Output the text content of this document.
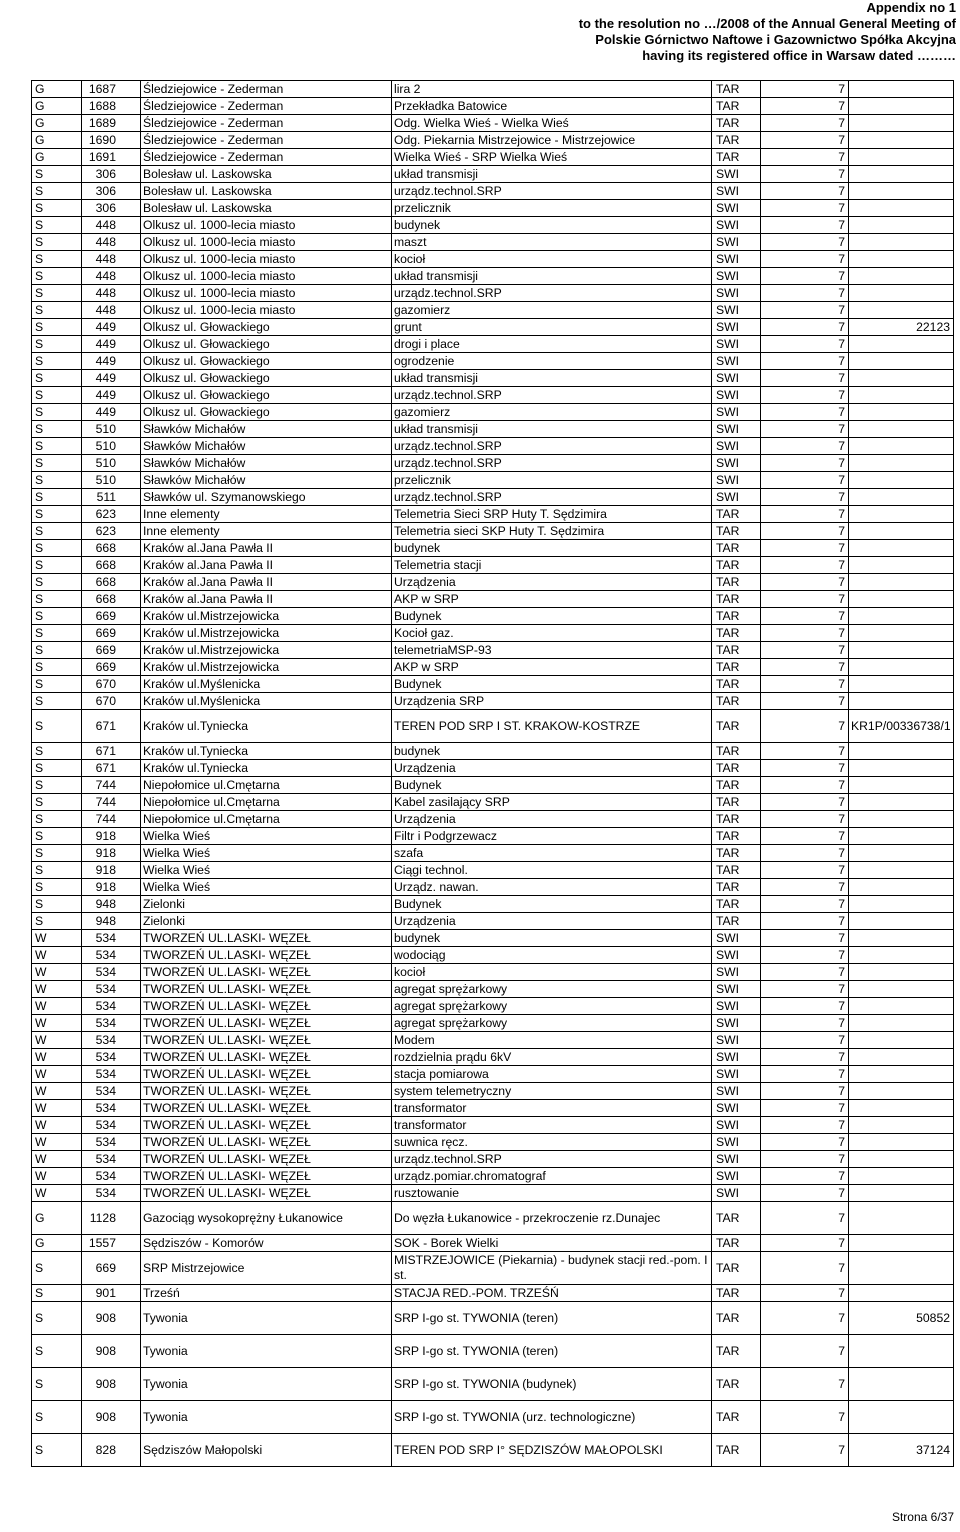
Appendix no 1
to the resolution no …/2008 of the Annual General Meeting of
Polskie Górnictwo Naftowe i Gazownictwo Spółka Akcyjna
having its registered office in Warsaw dated ………
G	1687	Śledziejowice - Zederman	lira 2	TAR	7	
G	1688	Śledziejowice - Zederman	Przekładka Batowice	TAR	7	
G	1689	Śledziejowice - Zederman	Odg. Wielka Wieś - Wielka Wieś	TAR	7	
G	1690	Śledziejowice - Zederman	Odg. Piekarnia Mistrzejowice - Mistrzejowice	TAR	7	
G	1691	Śledziejowice - Zederman	Wielka Wieś - SRP Wielka Wieś	TAR	7	
S	306	Bolesław ul. Laskowska	układ transmisji	SWI	7	
S	306	Bolesław ul. Laskowska	urządz.technol.SRP	SWI	7	
S	306	Bolesław ul. Laskowska	przelicznik	SWI	7	
S	448	Olkusz ul. 1000-lecia miasto	budynek	SWI	7	
S	448	Olkusz ul. 1000-lecia miasto	maszt	SWI	7	
S	448	Olkusz ul. 1000-lecia miasto	kocioł	SWI	7	
S	448	Olkusz ul. 1000-lecia miasto	układ transmisji	SWI	7	
S	448	Olkusz ul. 1000-lecia miasto	urządz.technol.SRP	SWI	7	
S	448	Olkusz ul. 1000-lecia miasto	gazomierz	SWI	7	
S	449	Olkusz ul. Głowackiego	grunt	SWI	7	22123
S	449	Olkusz ul. Głowackiego	drogi i place	SWI	7	
S	449	Olkusz ul. Głowackiego	ogrodzenie	SWI	7	
S	449	Olkusz ul. Głowackiego	układ transmisji	SWI	7	
S	449	Olkusz ul. Głowackiego	urządz.technol.SRP	SWI	7	
S	449	Olkusz ul. Głowackiego	gazomierz	SWI	7	
S	510	Sławków Michałów	układ transmisji	SWI	7	
S	510	Sławków Michałów	urządz.technol.SRP	SWI	7	
S	510	Sławków Michałów	urządz.technol.SRP	SWI	7	
S	510	Sławków Michałów	przelicznik	SWI	7	
S	511	Sławków ul. Szymanowskiego	urządz.technol.SRP	SWI	7	
S	623	Inne elementy	Telemetria Sieci SRP Huty T. Sędzimira	TAR	7	
S	623	Inne elementy	Telemetria sieci SKP Huty T. Sędzimira	TAR	7	
S	668	Kraków al.Jana Pawła II	budynek	TAR	7	
S	668	Kraków al.Jana Pawła II	Telemetria stacji	TAR	7	
S	668	Kraków al.Jana Pawła II	Urządzenia	TAR	7	
S	668	Kraków al.Jana Pawła II	AKP w SRP	TAR	7	
S	669	Kraków ul.Mistrzejowicka	Budynek	TAR	7	
S	669	Kraków ul.Mistrzejowicka	Kocioł gaz.	TAR	7	
S	669	Kraków ul.Mistrzejowicka	telemetriaMSP-93	TAR	7	
S	669	Kraków ul.Mistrzejowicka	AKP w SRP	TAR	7	
S	670	Kraków ul.Myślenicka	Budynek	TAR	7	
S	670	Kraków ul.Myślenicka	Urządzenia SRP	TAR	7	
S	671	Kraków ul.Tyniecka	TEREN POD SRP I ST. KRAKOW-KOSTRZE	TAR	7	KR1P/00336738/1
S	671	Kraków ul.Tyniecka	budynek	TAR	7	
S	671	Kraków ul.Tyniecka	Urządzenia	TAR	7	
S	744	Niepołomice ul.Cmętarna	Budynek	TAR	7	
S	744	Niepołomice ul.Cmętarna	Kabel zasilający SRP	TAR	7	
S	744	Niepołomice ul.Cmętarna	Urządzenia	TAR	7	
S	918	Wielka Wieś	Filtr i Podgrzewacz	TAR	7	
S	918	Wielka Wieś	szafa	TAR	7	
S	918	Wielka Wieś	Ciągi technol.	TAR	7	
S	918	Wielka Wieś	Urządz. nawan.	TAR	7	
S	948	Zielonki	Budynek	TAR	7	
S	948	Zielonki	Urządzenia	TAR	7	
W	534	TWORZEŃ UL.LASKI- WĘZEŁ	budynek	SWI	7	
W	534	TWORZEŃ UL.LASKI- WĘZEŁ	wodociąg	SWI	7	
W	534	TWORZEŃ UL.LASKI- WĘZEŁ	kocioł	SWI	7	
W	534	TWORZEŃ UL.LASKI- WĘZEŁ	agregat sprężarkowy	SWI	7	
W	534	TWORZEŃ UL.LASKI- WĘZEŁ	agregat sprężarkowy	SWI	7	
W	534	TWORZEŃ UL.LASKI- WĘZEŁ	agregat sprężarkowy	SWI	7	
W	534	TWORZEŃ UL.LASKI- WĘZEŁ	Modem	SWI	7	
W	534	TWORZEŃ UL.LASKI- WĘZEŁ	rozdzielnia prądu 6kV	SWI	7	
W	534	TWORZEŃ UL.LASKI- WĘZEŁ	stacja pomiarowa	SWI	7	
W	534	TWORZEŃ UL.LASKI- WĘZEŁ	system telemetryczny	SWI	7	
W	534	TWORZEŃ UL.LASKI- WĘZEŁ	transformator	SWI	7	
W	534	TWORZEŃ UL.LASKI- WĘZEŁ	transformator	SWI	7	
W	534	TWORZEŃ UL.LASKI- WĘZEŁ	suwnica ręcz.	SWI	7	
W	534	TWORZEŃ UL.LASKI- WĘZEŁ	urządz.technol.SRP	SWI	7	
W	534	TWORZEŃ UL.LASKI- WĘZEŁ	urządz.pomiar.chromatograf	SWI	7	
W	534	TWORZEŃ UL.LASKI- WĘZEŁ	rusztowanie	SWI	7	
G	1128	Gazociąg wysokoprężny Łukanowice	Do węzła Łukanowice - przekroczenie rz.Dunajec	TAR	7	
G	1557	Sędziszów - Komorów	SOK - Borek Wielki	TAR	7	
S	669	SRP Mistrzejowice	MISTRZEJOWICE (Piekarnia) - budynek stacji red.-pom. I st.	TAR	7	
S	901	Trześń	STACJA RED.-POM. TRZEŚŃ	TAR	7	
S	908	Tywonia	SRP I-go st. TYWONIA (teren)	TAR	7	50852
S	908	Tywonia	SRP I-go st. TYWONIA (teren)	TAR	7	
S	908	Tywonia	SRP I-go st. TYWONIA (budynek)	TAR	7	
S	908	Tywonia	SRP I-go st. TYWONIA (urz. technologiczne)	TAR	7	
S	828	Sędziszów Małopolski	TEREN POD SRP I° SĘDZISZÓW MAŁOPOLSKI	TAR	7	37124
Strona 6/37
